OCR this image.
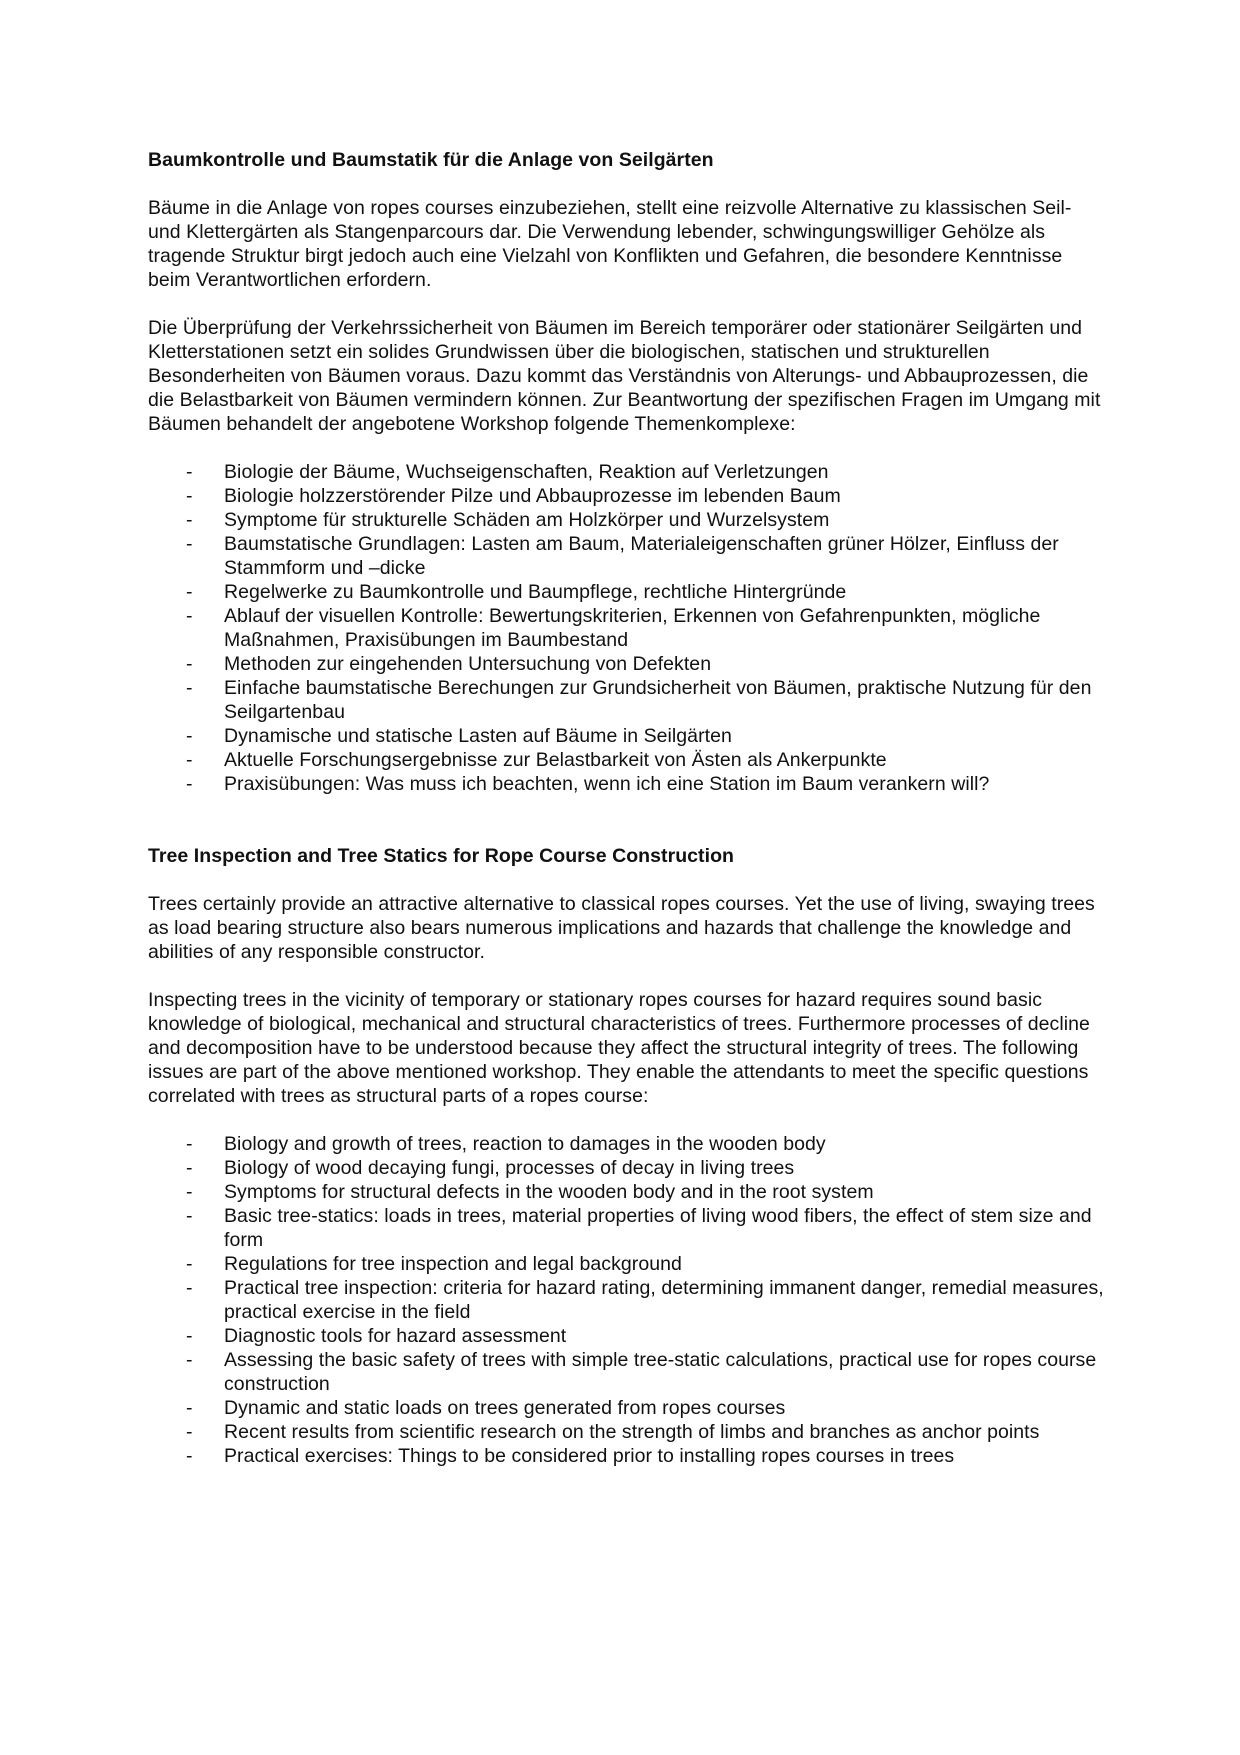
Baumkontrolle und Baumstatik für die Anlage von Seilgärten

Bäume in die Anlage von ropes courses einzubeziehen, stellt eine reizvolle Alternative zu klassischen Seil- und Klettergärten als Stangenparcours dar. Die Verwendung lebender, schwingungswilliger Gehölze als tragende Struktur birgt jedoch auch eine Vielzahl von Konflikten und Gefahren, die besondere Kenntnisse beim Verantwortlichen erfordern.

Die Überprüfung der Verkehrssicherheit von Bäumen im Bereich temporärer oder stationärer Seilgärten und Kletterstationen setzt ein solides Grundwissen über die biologischen, statischen und strukturellen Besonderheiten von Bäumen voraus. Dazu kommt das Verständnis von Alterungs- und Abbauprozessen, die die Belastbarkeit von Bäumen vermindern können. Zur Beantwortung der spezifischen Fragen im Umgang mit Bäumen behandelt der angebotene Workshop folgende Themenkomplexe:

- Biologie der Bäume, Wuchseigenschaften, Reaktion auf Verletzungen
- Biologie holzzerstörender Pilze und Abbauprozesse im lebenden Baum
- Symptome für strukturelle Schäden am Holzkörper und Wurzelsystem
- Baumstatische Grundlagen: Lasten am Baum, Materialeigenschaften grüner Hölzer, Einfluss der Stammform und –dicke
- Regelwerke zu Baumkontrolle und Baumpflege, rechtliche Hintergründe
- Ablauf der visuellen Kontrolle: Bewertungskriterien, Erkennen von Gefahrenpunkten, mögliche Maßnahmen, Praxisübungen im Baumbestand
- Methoden zur eingehenden Untersuchung von Defekten
- Einfache baumstatische Berechungen zur Grundsicherheit von Bäumen, praktische Nutzung für den Seilgartenbau
- Dynamische und statische Lasten auf Bäume in Seilgärten
- Aktuelle Forschungsergebnisse zur Belastbarkeit von Ästen als Ankerpunkte
- Praxisübungen: Was muss ich beachten, wenn ich eine Station im Baum verankern will?
Tree Inspection and Tree Statics for Rope Course Construction

Trees certainly provide an attractive alternative to classical ropes courses. Yet the use of living, swaying trees as load bearing structure also bears numerous implications and hazards that challenge the knowledge and abilities of any responsible constructor.

Inspecting trees in the vicinity of temporary or stationary ropes courses for hazard requires sound basic knowledge of biological, mechanical and structural characteristics of trees. Furthermore processes of decline and decomposition have to be understood because they affect the structural integrity of trees. The following issues are part of the above mentioned workshop. They enable the attendants to meet the specific questions correlated with trees as structural parts of a ropes course:

- Biology and growth of trees, reaction to damages in the wooden body
- Biology of wood decaying fungi, processes of decay in living trees
- Symptoms for structural defects in the wooden body and in the root system
- Basic tree-statics: loads in trees, material properties of living wood fibers, the effect of stem size and form
- Regulations for tree inspection and legal background
- Practical tree inspection: criteria for hazard rating, determining immanent danger, remedial measures, practical exercise in the field
- Diagnostic tools for hazard assessment
- Assessing the basic safety of trees with simple tree-static calculations, practical use for ropes course construction
- Dynamic and static loads on trees generated from ropes courses
- Recent results from scientific research on the strength of limbs and branches as anchor points
- Practical exercises: Things to be considered prior to installing ropes courses in trees
